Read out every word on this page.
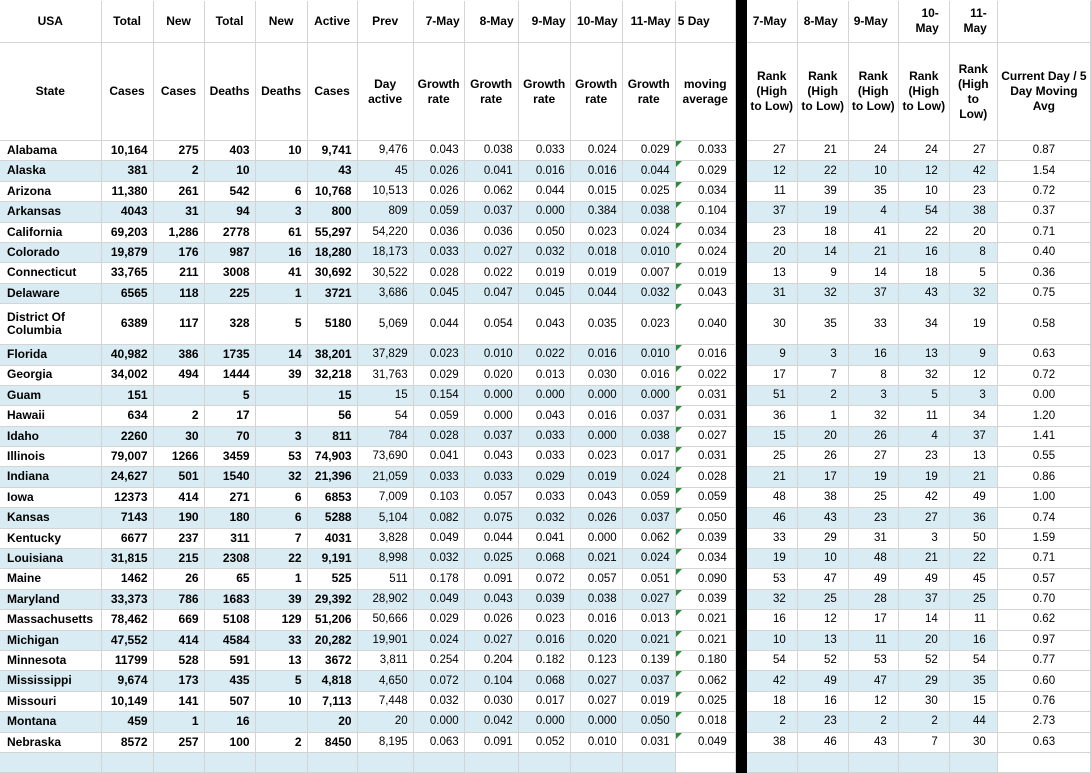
USA	Total	New	Total	New	Active	Prev	7-May	8-May	9-May	10-May	11-May	5 Day		7-May	8-May	9-May	10-May	11-May	
State	Cases	Cases	Deaths	Deaths	Cases	Day active	Growth rate	Growth rate	Growth rate	Growth rate	Growth rate	moving average		Rank (High to Low)	Rank (High to Low)	Rank (High to Low)	Rank (High to Low)	Rank (High to Low)	Current Day / 5 Day Moving Avg
Alabama	10,164	275	403	10	9,741	9,476	0.043	0.038	0.033	0.024	0.029	0.033		27	21	24	24	27	0.87
Alaska	381	2	10		43	45	0.026	0.041	0.016	0.016	0.044	0.029		12	22	10	12	42	1.54
Arizona	11,380	261	542	6	10,768	10,513	0.026	0.062	0.044	0.015	0.025	0.034		11	39	35	10	23	0.72
Arkansas	4043	31	94	3	800	809	0.059	0.037	0.000	0.384	0.038	0.104		37	19	4	54	38	0.37
California	69,203	1,286	2778	61	55,297	54,220	0.036	0.036	0.050	0.023	0.024	0.034		23	18	41	22	20	0.71
Colorado	19,879	176	987	16	18,280	18,173	0.033	0.027	0.032	0.018	0.010	0.024		20	14	21	16	8	0.40
Connecticut	33,765	211	3008	41	30,692	30,522	0.028	0.022	0.019	0.019	0.007	0.019		13	9	14	18	5	0.36
Delaware	6565	118	225	1	3721	3,686	0.045	0.047	0.045	0.044	0.032	0.043		31	32	37	43	32	0.75
District Of Columbia	6389	117	328	5	5180	5,069	0.044	0.054	0.043	0.035	0.023	0.040		30	35	33	34	19	0.58
Florida	40,982	386	1735	14	38,201	37,829	0.023	0.010	0.022	0.016	0.010	0.016		9	3	16	13	9	0.63
Georgia	34,002	494	1444	39	32,218	31,763	0.029	0.020	0.013	0.030	0.016	0.022		17	7	8	32	12	0.72
Guam	151		5		15	15	0.154	0.000	0.000	0.000	0.000	0.031		51	2	3	5	3	0.00
Hawaii	634	2	17		56	54	0.059	0.000	0.043	0.016	0.037	0.031		36	1	32	11	34	1.20
Idaho	2260	30	70	3	811	784	0.028	0.037	0.033	0.000	0.038	0.027		15	20	26	4	37	1.41
Illinois	79,007	1266	3459	53	74,903	73,690	0.041	0.043	0.033	0.023	0.017	0.031		25	26	27	23	13	0.55
Indiana	24,627	501	1540	32	21,396	21,059	0.033	0.033	0.029	0.019	0.024	0.028		21	17	19	19	21	0.86
Iowa	12373	414	271	6	6853	7,009	0.103	0.057	0.033	0.043	0.059	0.059		48	38	25	42	49	1.00
Kansas	7143	190	180	6	5288	5,104	0.082	0.075	0.032	0.026	0.037	0.050		46	43	23	27	36	0.74
Kentucky	6677	237	311	7	4031	3,828	0.049	0.044	0.041	0.000	0.062	0.039		33	29	31	3	50	1.59
Louisiana	31,815	215	2308	22	9,191	8,998	0.032	0.025	0.068	0.021	0.024	0.034		19	10	48	21	22	0.71
Maine	1462	26	65	1	525	511	0.178	0.091	0.072	0.057	0.051	0.090		53	47	49	49	45	0.57
Maryland	33,373	786	1683	39	29,392	28,902	0.049	0.043	0.039	0.038	0.027	0.039		32	25	28	37	25	0.70
Massachusetts	78,462	669	5108	129	51,206	50,666	0.029	0.026	0.023	0.016	0.013	0.021		16	12	17	14	11	0.62
Michigan	47,552	414	4584	33	20,282	19,901	0.024	0.027	0.016	0.020	0.021	0.021		10	13	11	20	16	0.97
Minnesota	11799	528	591	13	3672	3,811	0.254	0.204	0.182	0.123	0.139	0.180		54	52	53	52	54	0.77
Mississippi	9,674	173	435	5	4,818	4,650	0.072	0.104	0.068	0.027	0.037	0.062		42	49	47	29	35	0.60
Missouri	10,149	141	507	10	7,113	7,448	0.032	0.030	0.017	0.027	0.019	0.025		18	16	12	30	15	0.76
Montana	459	1	16		20	20	0.000	0.042	0.000	0.000	0.050	0.018		2	23	2	2	44	2.73
Nebraska	8572	257	100	2	8450	8,195	0.063	0.091	0.052	0.010	0.031	0.049		38	46	43	7	30	0.63
